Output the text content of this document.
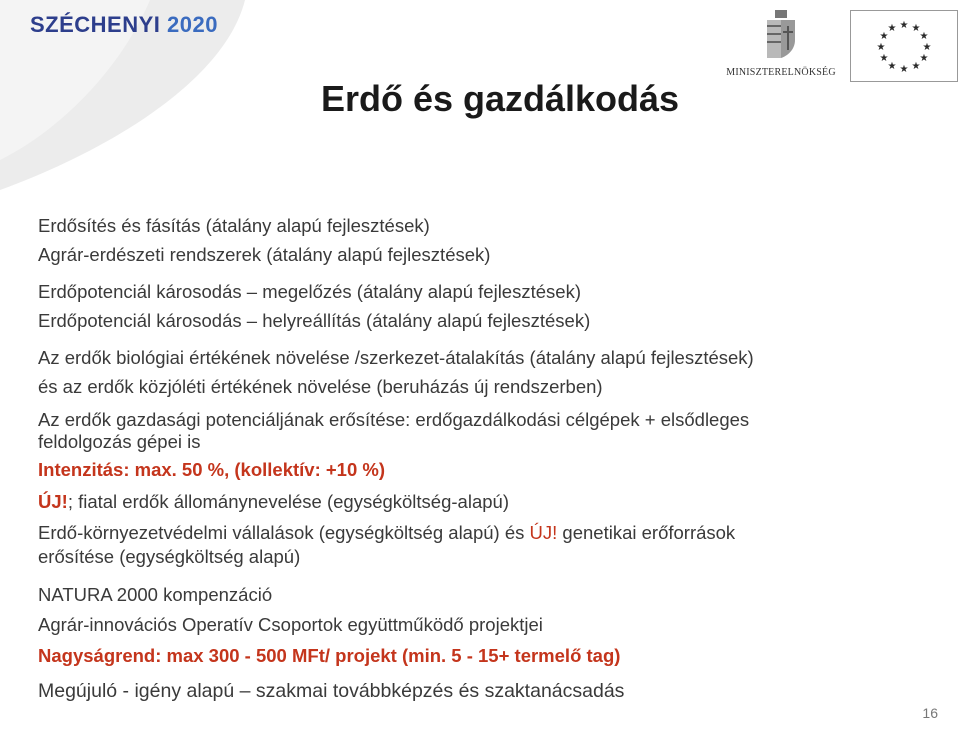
SZÉCHENYI 2020
MINISZTERELNÖKSÉG
★ ★
★
★
★
★
★
★
★
★
★
★
Erdő és gazdálkodás
Erdősítés és fásítás (átalány alapú fejlesztések)
Agrár-erdészeti rendszerek (átalány alapú fejlesztések)
Erdőpotenciál károsodás – megelőzés (átalány alapú fejlesztések)
Erdőpotenciál károsodás – helyreállítás (átalány alapú fejlesztések)
Az erdők biológiai értékének növelése /szerkezet-átalakítás (átalány alapú fejlesztések)
és az erdők közjóléti értékének növelése (beruházás új rendszerben)
Az erdők gazdasági potenciáljának erősítése: erdőgazdálkodási célgépek + elsődleges
feldolgozás gépei is
Intenzitás: max. 50 %, (kollektív: +10 %)
ÚJ!; fiatal erdők állománynevelése (egységköltség-alapú)
Erdő-környezetvédelmi vállalások (egységköltség alapú) és ÚJ! genetikai erőforrások
erősítése (egységköltség alapú)
NATURA 2000 kompenzáció
Agrár-innovációs Operatív Csoportok együttműködő projektjei
Nagyságrend: max 300 - 500 MFt/ projekt (min. 5 - 15+ termelő tag)
Megújuló - igény alapú – szakmai továbbképzés és szaktanácsadás
16
